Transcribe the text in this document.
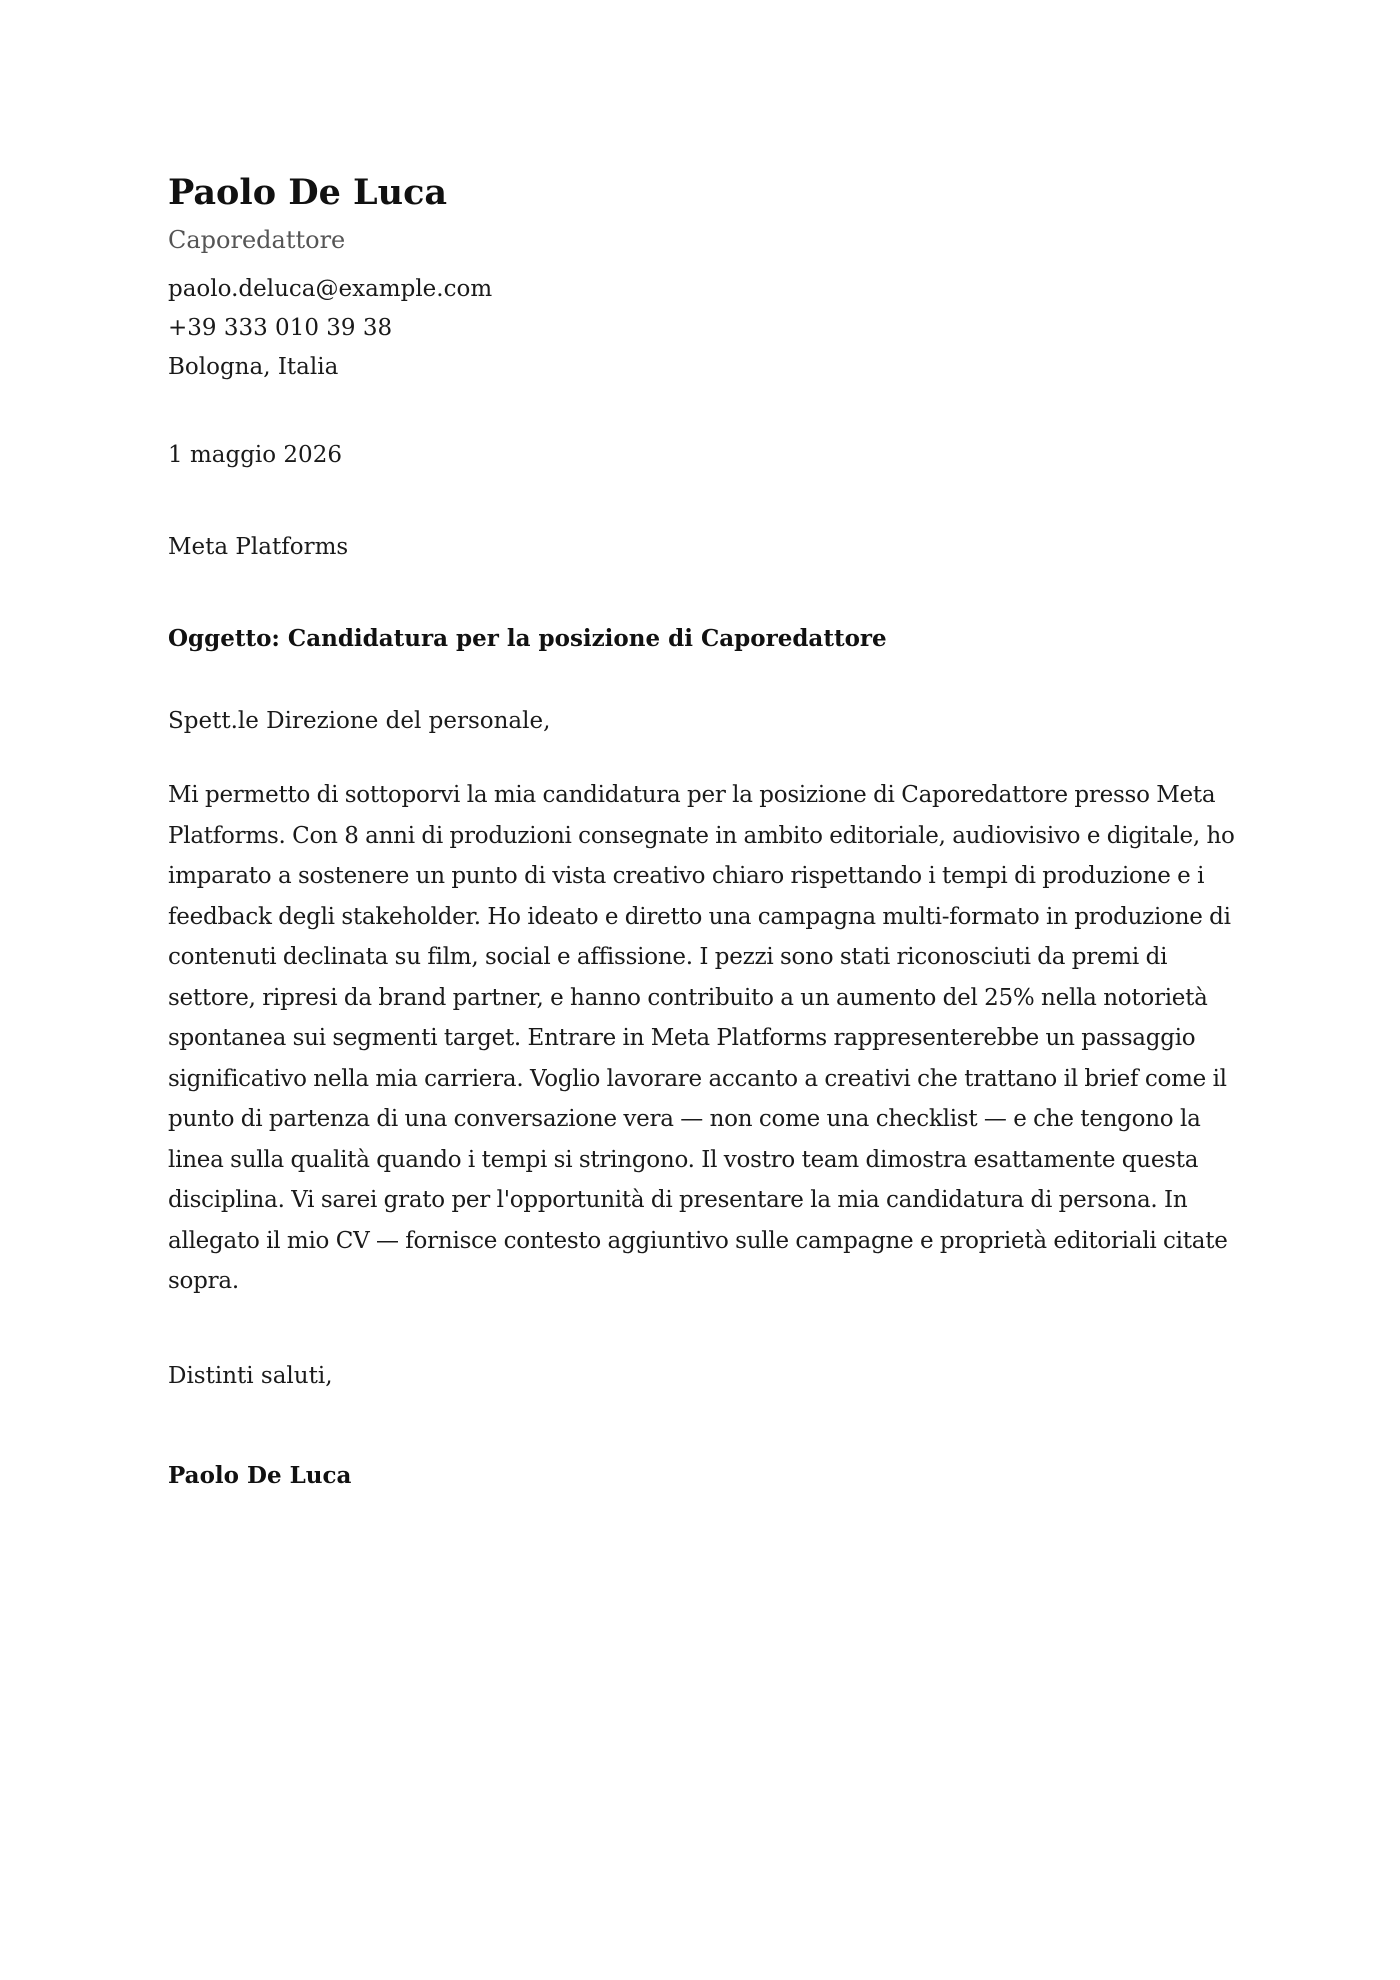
Paolo De Luca
Caporedattore
paolo.deluca@example.com
+39 333 010 39 38
Bologna, Italia
1 maggio 2026
Meta Platforms
Oggetto: Candidatura per la posizione di Caporedattore
Spett.le Direzione del personale,

Mi permetto di sottoporvi la mia candidatura per la posizione di Caporedattore presso Meta Platforms. Con 8 anni di produzioni consegnate in ambito editoriale, audiovisivo e digitale, ho imparato a sostenere un punto di vista creativo chiaro rispettando i tempi di produzione e i feedback degli stakeholder. Ho ideato e diretto una campagna multi-formato in produzione di contenuti declinata su film, social e affissione. I pezzi sono stati riconosciuti da premi di settore, ripresi da brand partner, e hanno contribuito a un aumento del 25% nella notorietà spontanea sui segmenti target. Entrare in Meta Platforms rappresenterebbe un passaggio significativo nella mia carriera. Voglio lavorare accanto a creativi che trattano il brief come il punto di partenza di una conversazione vera — non come una checklist — e che tengono la linea sulla qualità quando i tempi si stringono. Il vostro team dimostra esattamente questa disciplina. Vi sarei grato per l'opportunità di presentare la mia candidatura di persona. In allegato il mio CV — fornisce contesto aggiuntivo sulle campagne e proprietà editoriali citate sopra.

Distinti saluti,
Paolo De Luca
